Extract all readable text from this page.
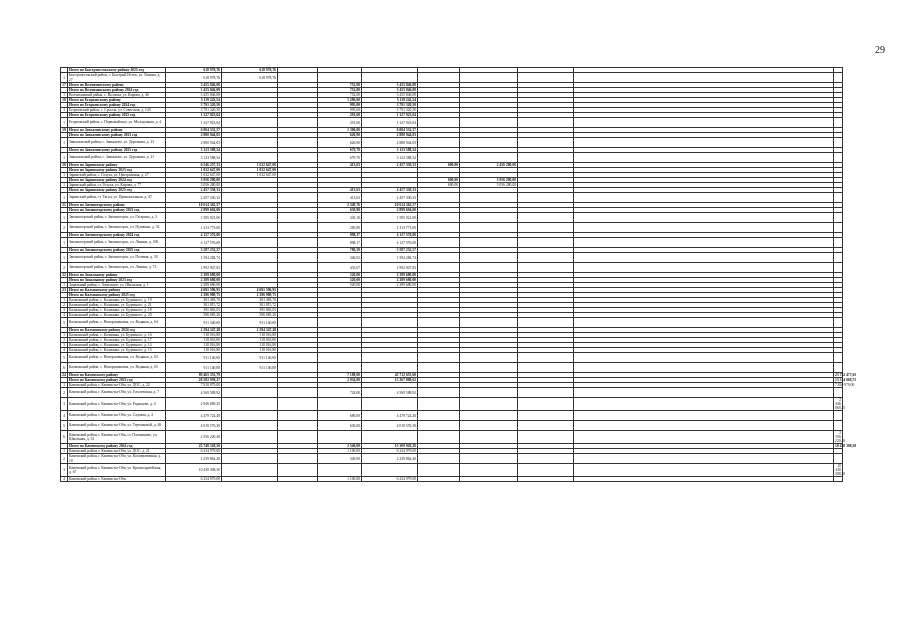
29
	Итого по Быстроистокскому району 2025 год	618 978,76	618 978,76								
1	Быстроистокский район, с. Быстрый Исток, ул. Ленина, д. 27	618 978,76	618 978,76								
17	Итого по Волчихинскому району	3 455 846,08			752,00	3 455 846,08					
	Итого по Волчихинскому району 2024 год	3 455 846,08			752,00	3 455 846,08					
1	Волчихинский район, с. Волчиха, ул. Кирова, д. 46	3 455 846,08			752,00	3 455 846,08					
18	Итого по Егорьевскому району	5 119 243,54			1 286,60	5 119 243,54					
	Итого по Егорьевскому району 2024 год	3 791 320,50			995,00	3 791 320,50					
1	Егорьевский район, с. Сросты, ул. Советская, д. 143	3 791 320,50			995,00	3 791 320,50					
	Итого по Егорьевскому району 2025 год	1 327 923,04			291,60	1 327 923,04					
1	Егорьевский район, с. Первомайское, ул. Молодежная, д. 4	1 327 923,04			291,60	1 327 923,04					
19	Итого по Завьяловскому району	6 004 532,57			1 306,00	6 004 532,57					
	Итого по Завьяловскому району 2023 год	2 880 944,03			626,90	2 880 944,03					
1	Завьяловский район, с. Завьялово, ул. Дорожная, д. 23	2 880 944,03			626,90	2 880 944,03					
	Итого по Завьяловскому району 2025 год	3 123 588,54			679,70	3 123 588,54					
1	Завьяловский район, с. Завьялово, ул. Дорожная, д. 21	3 123 588,54			679,70	3 123 588,54					
20	Итого по Заринскому району	6 546 257,33	1 632 647,00		413,63	2 457 330,33	600,00	2 456 280,00			
	Итого по Заринскому району 2023 год	1 032 647,00	1 032 647,00								
1	Заринский район, с. Голуха, ул. Центральная, д. 27	1 032 647,00	1 032 647,00								
	Итого по Заринскому району 2024 год	3 056 280,00					600,00	3 056 280,00			
1	Заринский район, ст. Голуха, ул. Кирова, д. 77	3 056 280,00					600,00	3 056 280,00			
	Итого по Заринскому району 2025 год	2 457 330,33			413,63	2 457 330,33					
1	Заринский район, ст. Тягун, ул. Привокзальная, д. 47	2 457 330,33			413,63	2 457 330,33					
21	Итого по Змеиногорскому району	10 614 362,57			2 349,76	10 614 362,57					
	Итого по Змеиногорскому району 2023 год	2 899 694,00			630,90	2 899 694,00					
1	Змеиногорский район, г. Змеиногорск, ул. Гагарина, д. 2	1 585 921,00			345,10	1 585 921,00					
2	Змеиногорский район, г. Змеиногорск, ул. Пушкина, д. 33	1 313 773,00			285,80	1 313 773,00					
	Итого по Змеиногорскому району 2024 год	4 127 576,00			898,17	4 127 576,00					
1	Змеиногорский район, г. Змеиногорск, ул. Ленина, д. 106	4 127 576,00			898,17	4 127 576,00					
	Итого по Змеиногорскому району 2025 год	3 587 232,57			780,59	3 587 232,57					
1	Змеиногорский район, г. Змеиногорск, ул. Полевая, д. 50	1 594 284,74			346,92	1 594 284,74					
2	Змеиногорский район, г. Змеиногорск, ул. Ленина, д. 73	1 992 947,83			433,67	1 992 947,83					
22	Итого по Зональному району	2 389 680,00			520,00	2 389 680,00					
	Итого по Зональному району 2023 год	2 389 680,00			520,00	2 389 680,00					
1	Зональный район, с. Зональное, ул. Школьная, д. 1	2 389 680,00			520,00	2 389 680,00					
23	Итого по Калманскому району	4 691 596,95	4 691 596,95								
	Итого по Калманскому району 2023 год	2 396 989,75	2 396 989,75								
1	Калманский район, с. Калманка, ул. Буденного, д. 19	381 483,70	381 483,70								
2	Калманский район, с. Калманка, ул. Буденного, д. 21	301 815,72	301 815,72								
3	Калманский район, с. Калманка, ул. Буденного, д. 18	395 865,03	395 865,03								
4	Калманский район, с. Калманка, ул. Буденного, д. 20	396 085,26	396 085,26								
5	Калманский район, с. Новоромановка, ул. Водяная, д. 64	911 340,00	911 140,00								
	Итого по Калманскому району 2024 год	2 294 347,20	2 294 347,20								
1	Калманский район, с. Калманка, ул. Буденного, д. 16	118 016,80	118 016,80								
2	Калманский район, с. Калманка, ул. Буденного, д. 17	118 016,80	118 016,80								
3	Калманский район, с. Калманка, ул. Буденного, д. 14	118 016,80	118 016,80								
4	Калманский район, с. Калманка, ул. Буденного, д. 15	118 016,80	118 016,80								
5	Калманский район, с. Новоромановка, ул. Водяная, д. 63	911 140,00	911 140,00								
6	Калманский район, с. Новоромановка, ул. Водяная, д. 65	911 140,00	911 140,00								
24	Итого по Каменскому району	89 465 353,79			7 188,00	45 712 655,60					23 752 477,65
	Итого по Каменскому району 2023 год	26 582 958,27			2 034,00	13 267 889,62					13 314 068,75
1	Каменский район, г. Камень-на-Оби, ул. ДОС, д. 22	7 810 979,00									7 810 979,00
2	Каменский район, г. Камень-на-Оби, ул. Гоголевская, д. 7	4 569 588,92			724,00	4 569 588,92					
3	Каменский район, г. Камень-на-Оби, ул. Радищева, д. 4	2 946 869,25									2 946 869,25
4	Каменский район, г. Камень-на-Оби, ул. Садовая, д. 2	4 479 724,40			680,00	4 479 724,40					
5	Каменский район, г. Камень-на-Оби, ул. Терешковой, д. 46	4 018 576,30			630,00	4 018 576,30					
6	Каменский район, г. Камень-на-Оби, ст. Плотниково, ул. Школьная, д. 33	2 556 220,40									2 556 220,40
	Итого по Каменскому району 2024 год	25 748 328,50			2 540,00	15 309 920,20					10 438 308,30
1	Каменский район, г. Камень-на-Оби, ул. ДОС, д. 21	6 234 979,00			1 100,00	6 234 979,00					
2	Каменский район, г. Камень-на-Оби, ул. Кооперативная, д. 10	2 239 862,20			340,00	2 239 862,20					
3	Каменский район, г. Камень-на-Оби, ул. Красноармейская, д. 67	10 438 308,30									10 438 308,30
4	Каменский район, г. Камень-на-Оби,	6 234 979,00			1 100,00	6 234 979,00					
